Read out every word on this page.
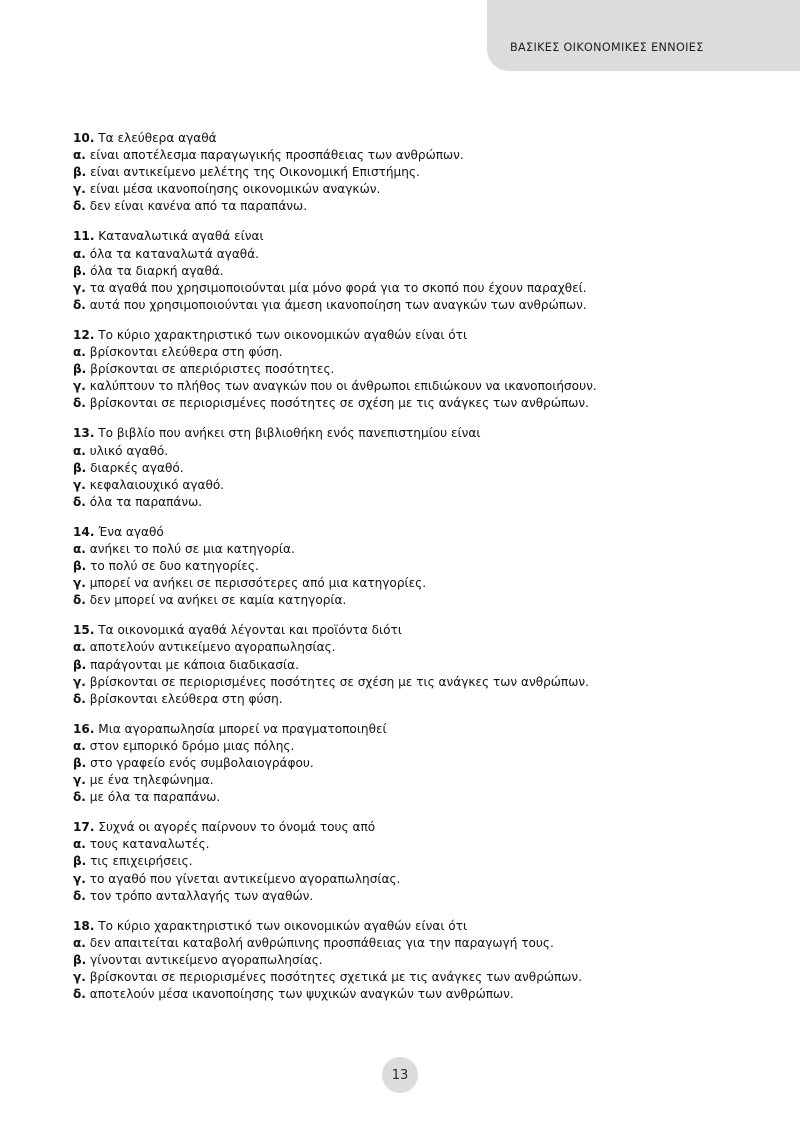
ΒΑΣΙΚΕΣ ΟΙΚΟΝΟΜΙΚΕΣ ΕΝΝΟΙΕΣ
10. Τα ελεύθερα αγαθά
α. είναι αποτέλεσμα παραγωγικής προσπάθειας των ανθρώπων.
β. είναι αντικείμενο μελέτης της Οικονομική Επιστήμης.
γ. είναι μέσα ικανοποίησης οικονομικών αναγκών.
δ. δεν είναι κανένα από τα παραπάνω.
11. Καταναλωτικά αγαθά είναι
α. όλα τα καταναλωτά αγαθά.
β. όλα τα διαρκή αγαθά.
γ. τα αγαθά που χρησιμοποιούνται μία μόνο φορά για το σκοπό που έχουν παραχθεί.
δ. αυτά που χρησιμοποιούνται για άμεση ικανοποίηση των αναγκών των ανθρώπων.
12. Το κύριο χαρακτηριστικό των οικονομικών αγαθών είναι ότι
α. βρίσκονται ελεύθερα στη φύση.
β. βρίσκονται σε απεριόριστες ποσότητες.
γ. καλύπτουν το πλήθος των αναγκών που οι άνθρωποι επιδιώκουν να ικανοποιήσουν.
δ. βρίσκονται σε περιορισμένες ποσότητες σε σχέση με τις ανάγκες των ανθρώπων.
13. Το βιβλίο που ανήκει στη βιβλιοθήκη ενός πανεπιστημίου είναι
α. υλικό αγαθό.
β. διαρκές αγαθό.
γ. κεφαλαιουχικό αγαθό.
δ. όλα τα παραπάνω.
14. Ένα αγαθό
α. ανήκει το πολύ σε μια κατηγορία.
β. το πολύ σε δυο κατηγορίες.
γ. μπορεί να ανήκει σε περισσότερες από μια κατηγορίες.
δ. δεν μπορεί να ανήκει σε καμία κατηγορία.
15. Τα οικονομικά αγαθά λέγονται και προϊόντα διότι
α. αποτελούν αντικείμενο αγοραπωλησίας.
β. παράγονται με κάποια διαδικασία.
γ. βρίσκονται σε περιορισμένες ποσότητες σε σχέση με τις ανάγκες των ανθρώπων.
δ. βρίσκονται ελεύθερα στη φύση.
16. Μια αγοραπωλησία μπορεί να πραγματοποιηθεί
α. στον εμπορικό δρόμο μιας πόλης.
β. στο γραφείο ενός συμβολαιογράφου.
γ. με ένα τηλεφώνημα.
δ. με όλα τα παραπάνω.
17. Συχνά οι αγορές παίρνουν το όνομά τους από
α. τους καταναλωτές.
β. τις επιχειρήσεις.
γ. το αγαθό που γίνεται αντικείμενο αγοραπωλησίας.
δ. τον τρόπο ανταλλαγής των αγαθών.
18. Το κύριο χαρακτηριστικό των οικονομικών αγαθών είναι ότι
α. δεν απαιτείται καταβολή ανθρώπινης προσπάθειας για την παραγωγή τους.
β. γίνονται αντικείμενο αγοραπωλησίας.
γ. βρίσκονται σε περιορισμένες ποσότητες σχετικά με τις ανάγκες των ανθρώπων.
δ. αποτελούν μέσα ικανοποίησης των ψυχικών αναγκών των ανθρώπων.
13
